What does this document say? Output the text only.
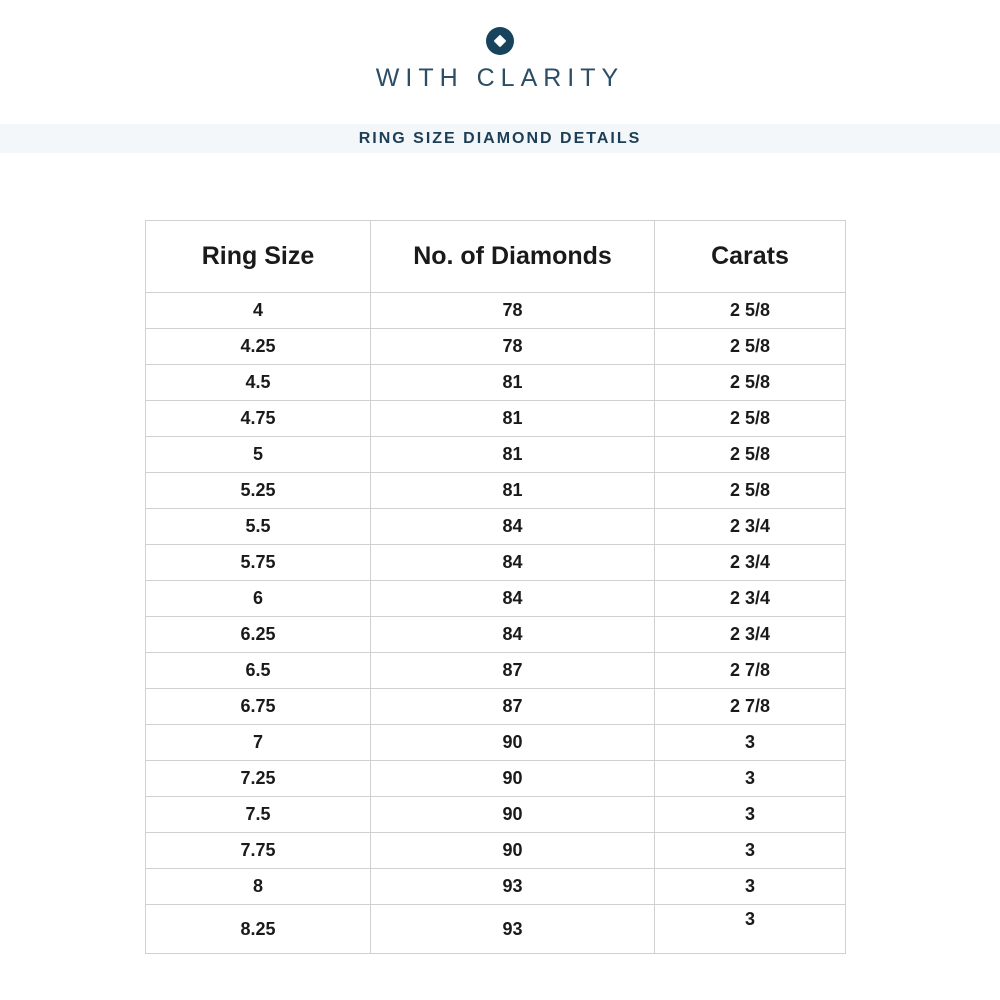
WITH CLARITY
RING SIZE DIAMOND DETAILS
Ring Size	No. of Diamonds	Carats
4	78	2 5/8
4.25	78	2 5/8
4.5	81	2 5/8
4.75	81	2 5/8
5	81	2 5/8
5.25	81	2 5/8
5.5	84	2 3/4
5.75	84	2 3/4
6	84	2 3/4
6.25	84	2 3/4
6.5	87	2 7/8
6.75	87	2 7/8
7	90	3
7.25	90	3
7.5	90	3
7.75	90	3
8	93	3
8.25	93	3
